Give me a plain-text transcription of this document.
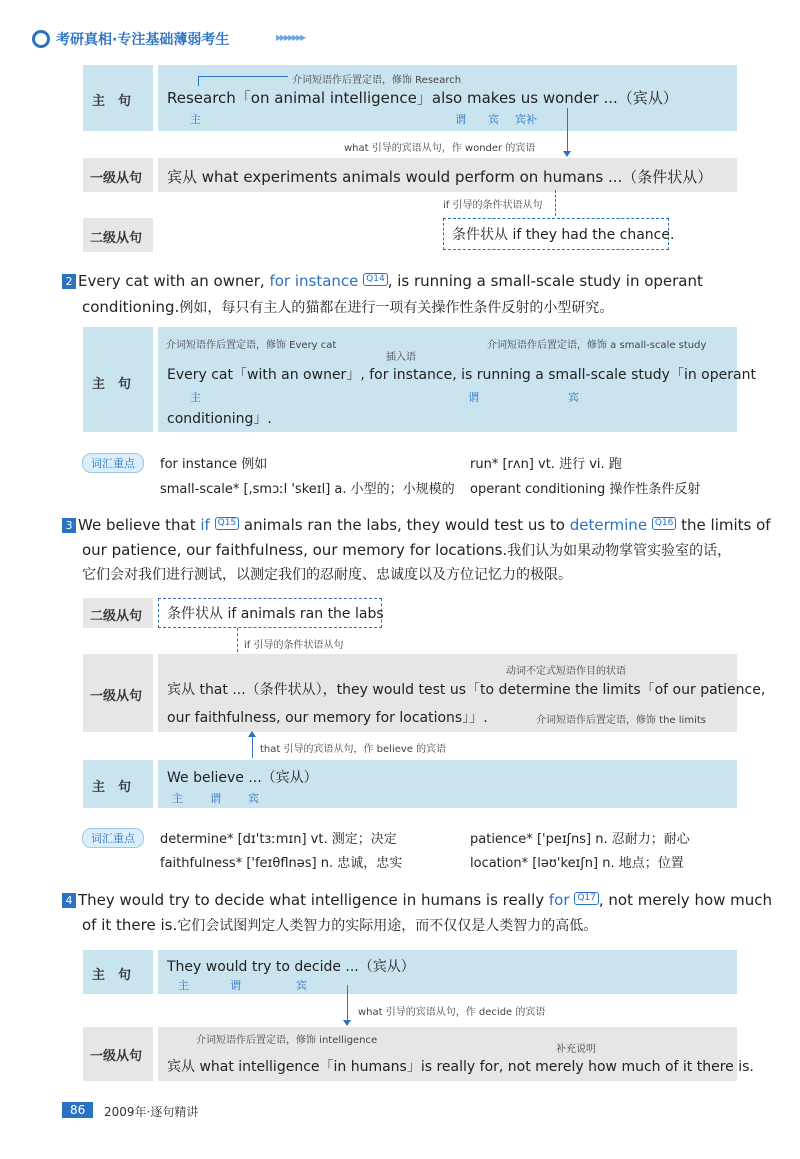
考研真相·专注基础薄弱考生	▸▸▸▸▸▸▸
主　句
介词短语作后置定语，修饰 Research
Research「on animal intelligence」also makes us wonder ...（宾从）
主	谓 宾 宾补
what 引导的宾语从句，作 wonder 的宾语
一级从句 宾从 what experiments animals would perform on humans ...（条件状从）
if 引导的条件状语从句
二级从句	条件状从 if they had the chance.
2 Every cat with an owner, for instance Q14 , is running a small-scale study in operant
conditioning.例如，每只有主人的猫都在进行一项有关操作性条件反射的小型研究。
主　句
介词短语作后置定语，修饰 Every cat
插入语
介词短语作后置定语，修饰 a small-scale study
Every cat「with an owner」, for instance, is running a small-scale study「in operant
主	谓	宾
conditioning」.
词汇重点	for instance 例如	run* [rʌn] vt. 进行 vi. 跑
small-scale* [,smɔːl 'skeɪl] a. 小型的；小规模的 operant conditioning 操作性条件反射
3 We believe that if Q15 animals ran the labs, they would test us to determine Q16 the limits of
our patience, our faithfulness, our memory for locations.我们认为如果动物掌管实验室的话，
它们会对我们进行测试，以测定我们的忍耐度、忠诚度以及方位记忆力的极限。
二级从句 条件状从 if animals ran the labs
if 引导的条件状语从句
一级从句
动词不定式短语作目的状语
宾从 that ...（条件状从），they would test us「to determine the limits「of our patience,
our faithfulness, our memory for locations」」.	介词短语作后置定语，修饰 the limits
that 引导的宾语从句，作 believe 的宾语
主　句
We believe ...（宾从）
主 谓 宾
词汇重点	determine* [dɪ'tɜːmɪn] vt. 测定；决定	patience* ['peɪʃns] n. 忍耐力；耐心
faithfulness* ['feɪθflnəs] n. 忠诚，忠实	location* [ləʊ'keɪʃn] n. 地点；位置
4 They would try to decide what intelligence in humans is really for Q17 , not merely how much
of it there is.它们会试图判定人类智力的实际用途，而不仅仅是人类智力的高低。
主　句
They would try to decide ...（宾从）
主	谓	宾
what 引导的宾语从句，作 decide 的宾语
一级从句
介词短语作后置定语，修饰 intelligence
补充说明
宾从 what intelligence「in humans」is really for, not merely how much of it there is.
86	2009年·逐句精讲
